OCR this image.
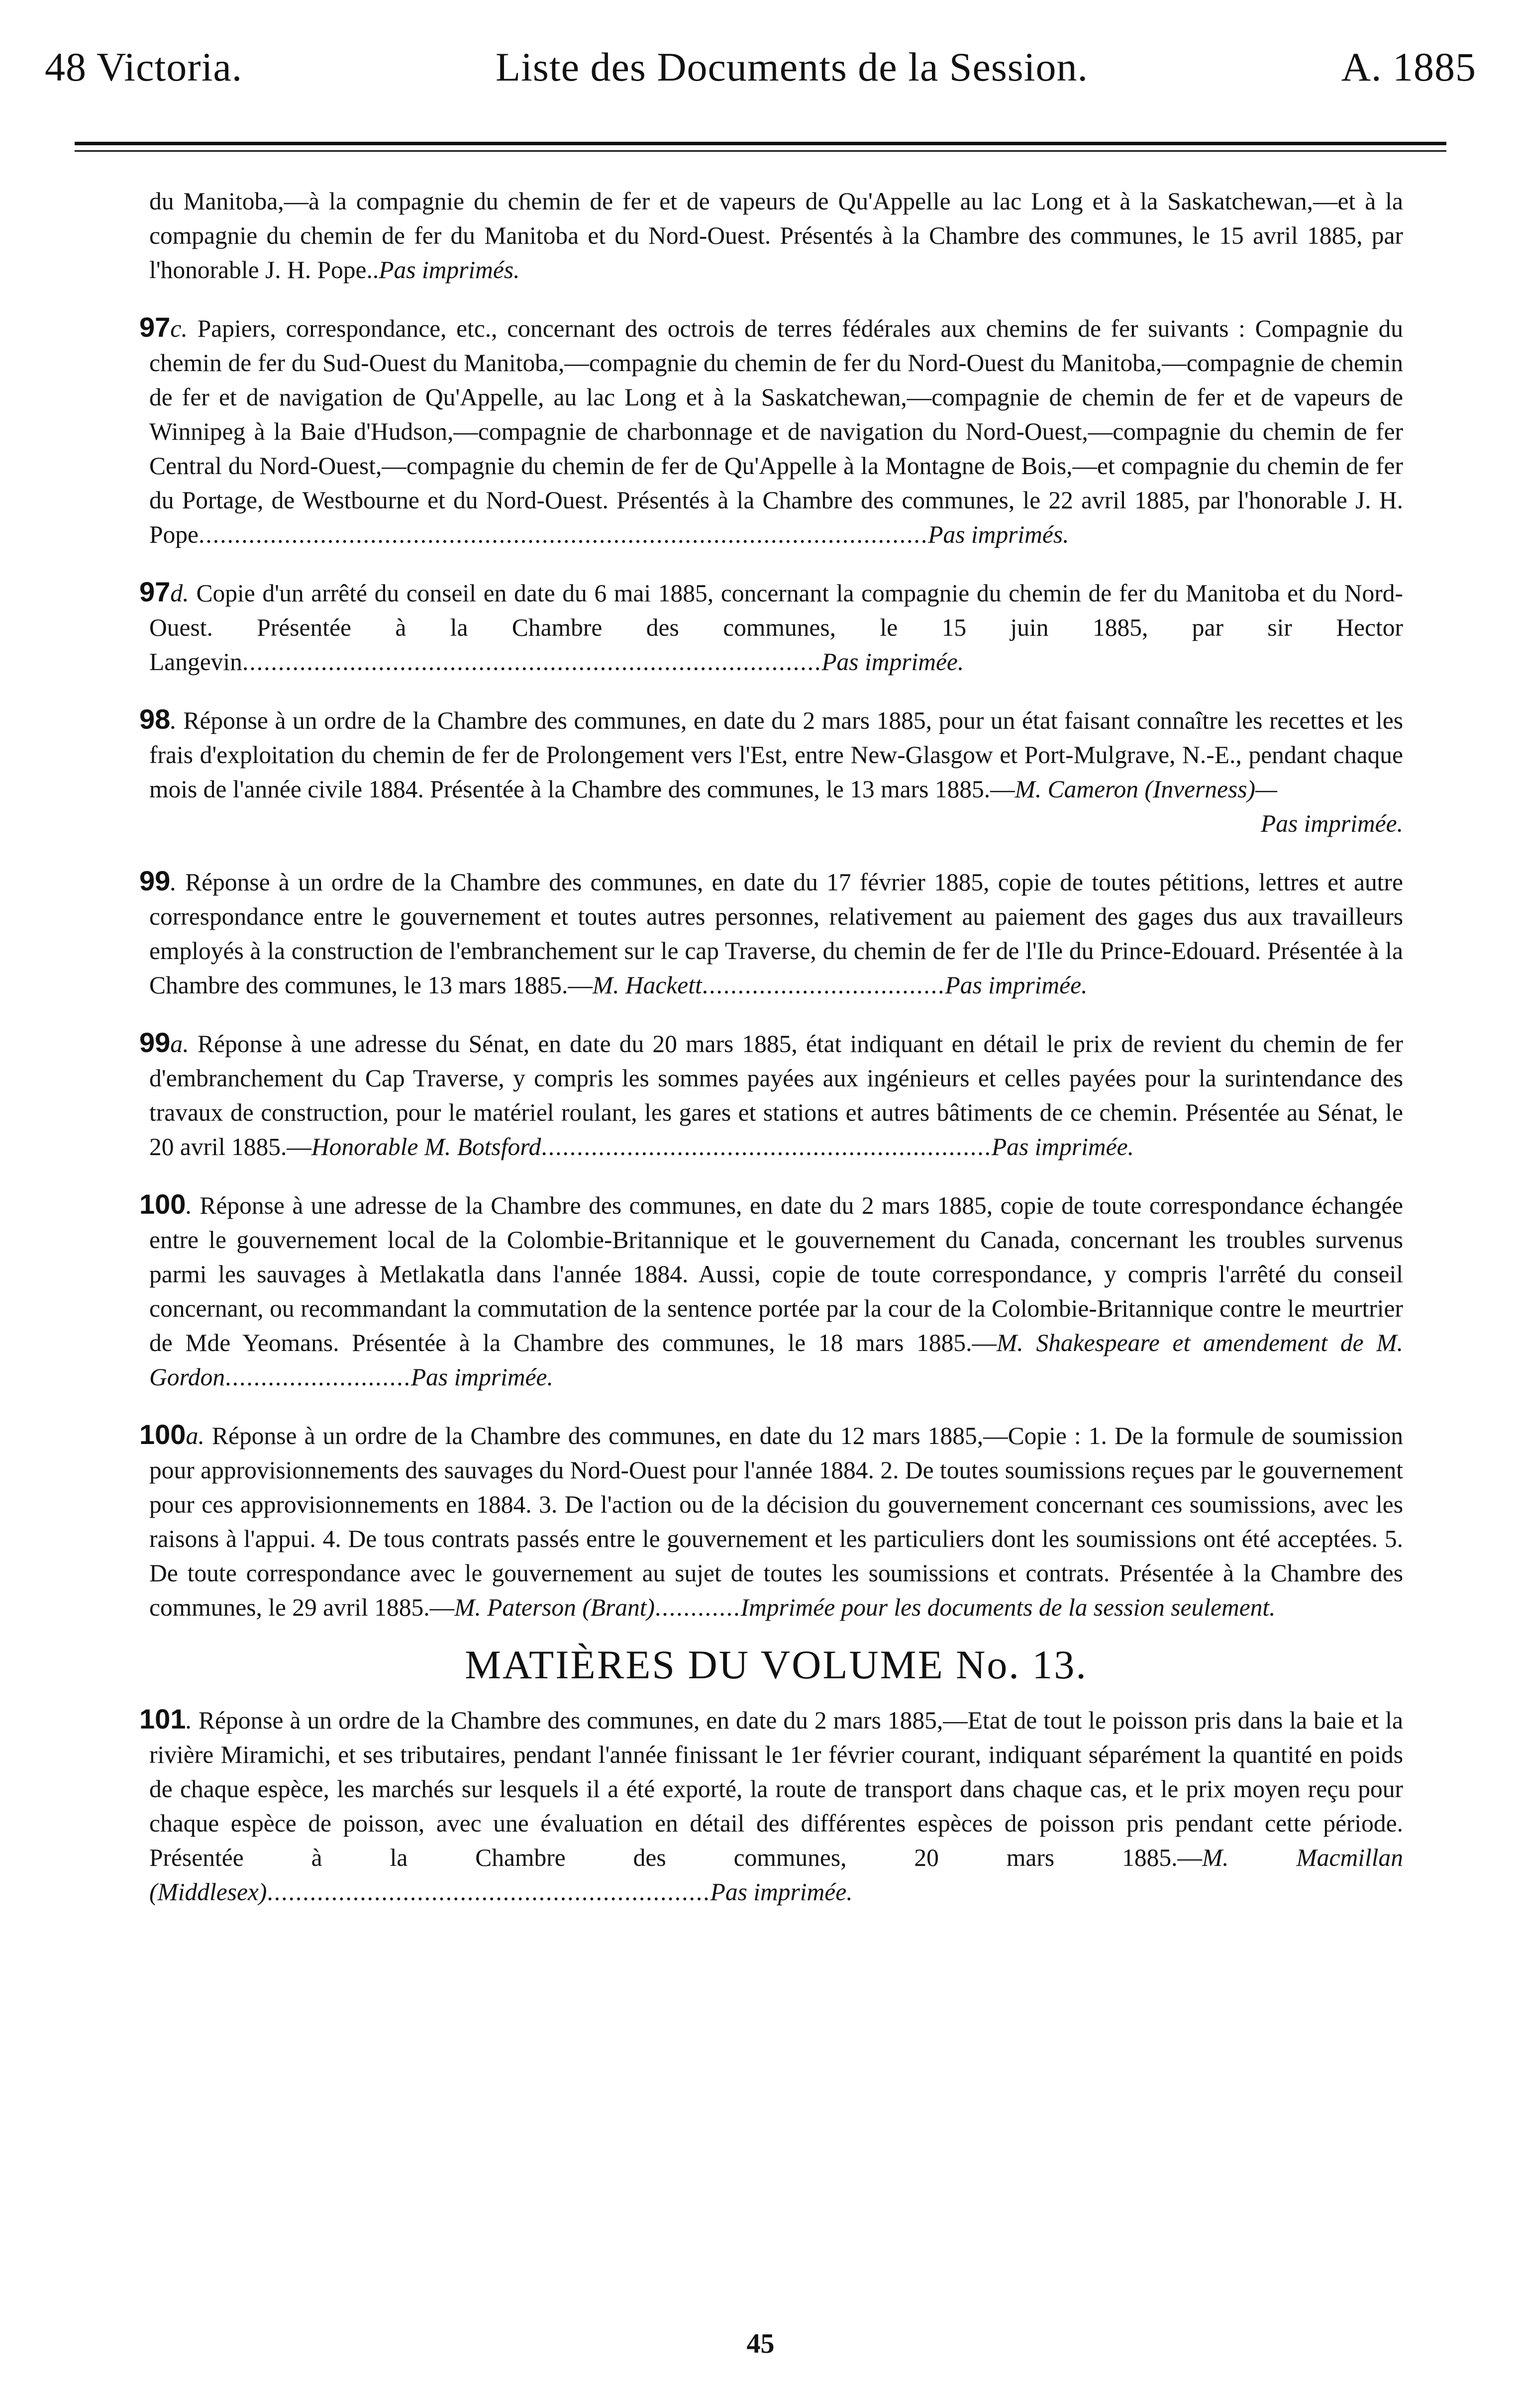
48 Victoria.	Liste des Documents de la Session.	A. 1885

du Manitoba,—à la compagnie du chemin de fer et de vapeurs de Qu'Appelle au lac Long et à la Saskatchewan,—et à la compagnie du chemin de fer du Manitoba et du Nord-Ouest. Présentés à la Chambre des communes, le 15 avril 1885, par l'honorable J. H. Pope..Pas imprimés.

97c. Papiers, correspondance, etc., concernant des octrois de terres fédérales aux chemins de fer suivants : Compagnie du chemin de fer du Sud-Ouest du Manitoba,—compagnie du chemin de fer du Nord-Ouest du Manitoba,—compagnie de chemin de fer et de navigation de Qu'Appelle, au lac Long et à la Saskatchewan,—compagnie de chemin de fer et de vapeurs de Winnipeg à la Baie d'Hudson,—compagnie de charbonnage et de navigation du Nord-Ouest,—compagnie du chemin de fer Central du Nord-Ouest,—compagnie du chemin de fer de Qu'Appelle à la Montagne de Bois,—et compagnie du chemin de fer du Portage, de Westbourne et du Nord-Ouest. Présentés à la Chambre des communes, le 22 avril 1885, par l'honorable J. H. Pope......................................................................................................Pas imprimés.

97d. Copie d'un arrêté du conseil en date du 6 mai 1885, concernant la compagnie du chemin de fer du Manitoba et du Nord-Ouest. Présentée à la Chambre des communes, le 15 juin 1885, par sir Hector Langevin.................................................................................Pas imprimée.

98. Réponse à un ordre de la Chambre des communes, en date du 2 mars 1885, pour un état faisant connaître les recettes et les frais d'exploitation du chemin de fer de Prolongement vers l'Est, entre New-Glasgow et Port-Mulgrave, N.-E., pendant chaque mois de l'année civile 1884. Présentée à la Chambre des communes, le 13 mars 1885.—M. Cameron (Inverness)—
Pas imprimée.

99. Réponse à un ordre de la Chambre des communes, en date du 17 février 1885, copie de toutes pétitions, lettres et autre correspondance entre le gouvernement et toutes autres personnes, relativement au paiement des gages dus aux travailleurs employés à la construction de l'embranchement sur le cap Traverse, du chemin de fer de l'Ile du Prince-Edouard. Présentée à la Chambre des communes, le 13 mars 1885.—M. Hackett..................................Pas imprimée.

99a. Réponse à une adresse du Sénat, en date du 20 mars 1885, état indiquant en détail le prix de revient du chemin de fer d'embranchement du Cap Traverse, y compris les sommes payées aux ingénieurs et celles payées pour la surintendance des travaux de construction, pour le matériel roulant, les gares et stations et autres bâtiments de ce chemin. Présentée au Sénat, le 20 avril 1885.—Honorable M. Botsford...............................................................Pas imprimée.

100. Réponse à une adresse de la Chambre des communes, en date du 2 mars 1885, copie de toute correspondance échangée entre le gouvernement local de la Colombie-Britannique et le gouvernement du Canada, concernant les troubles survenus parmi les sauvages à Metlakatla dans l'année 1884. Aussi, copie de toute correspondance, y compris l'arrêté du conseil concernant, ou recommandant la commutation de la sentence portée par la cour de la Colombie-Britannique contre le meurtrier de Mde Yeomans. Présentée à la Chambre des communes, le 18 mars 1885.—M. Shakespeare et amendement de M. Gordon..........................Pas imprimée.

100a. Réponse à un ordre de la Chambre des communes, en date du 12 mars 1885,—Copie : 1. De la formule de soumission pour approvisionnements des sauvages du Nord-Ouest pour l'année 1884. 2. De toutes soumissions reçues par le gouvernement pour ces approvisionnements en 1884. 3. De l'action ou de la décision du gouvernement concernant ces soumissions, avec les raisons à l'appui. 4. De tous contrats passés entre le gouvernement et les particuliers dont les soumissions ont été acceptées. 5. De toute correspondance avec le gouvernement au sujet de toutes les soumissions et contrats. Présentée à la Chambre des communes, le 29 avril 1885.—M. Paterson (Brant)............Imprimée pour les documents de la session seulement.

MATIÈRES DU VOLUME No. 13.

101. Réponse à un ordre de la Chambre des communes, en date du 2 mars 1885,—Etat de tout le poisson pris dans la baie et la rivière Miramichi, et ses tributaires, pendant l'année finissant le 1er février courant, indiquant séparément la quantité en poids de chaque espèce, les marchés sur lesquels il a été exporté, la route de transport dans chaque cas, et le prix moyen reçu pour chaque espèce de poisson, avec une évaluation en détail des différentes espèces de poisson pris pendant cette période. Présentée à la Chambre des communes, 20 mars 1885.—M. Macmillan (Middlesex)..............................................................Pas imprimée.

45
